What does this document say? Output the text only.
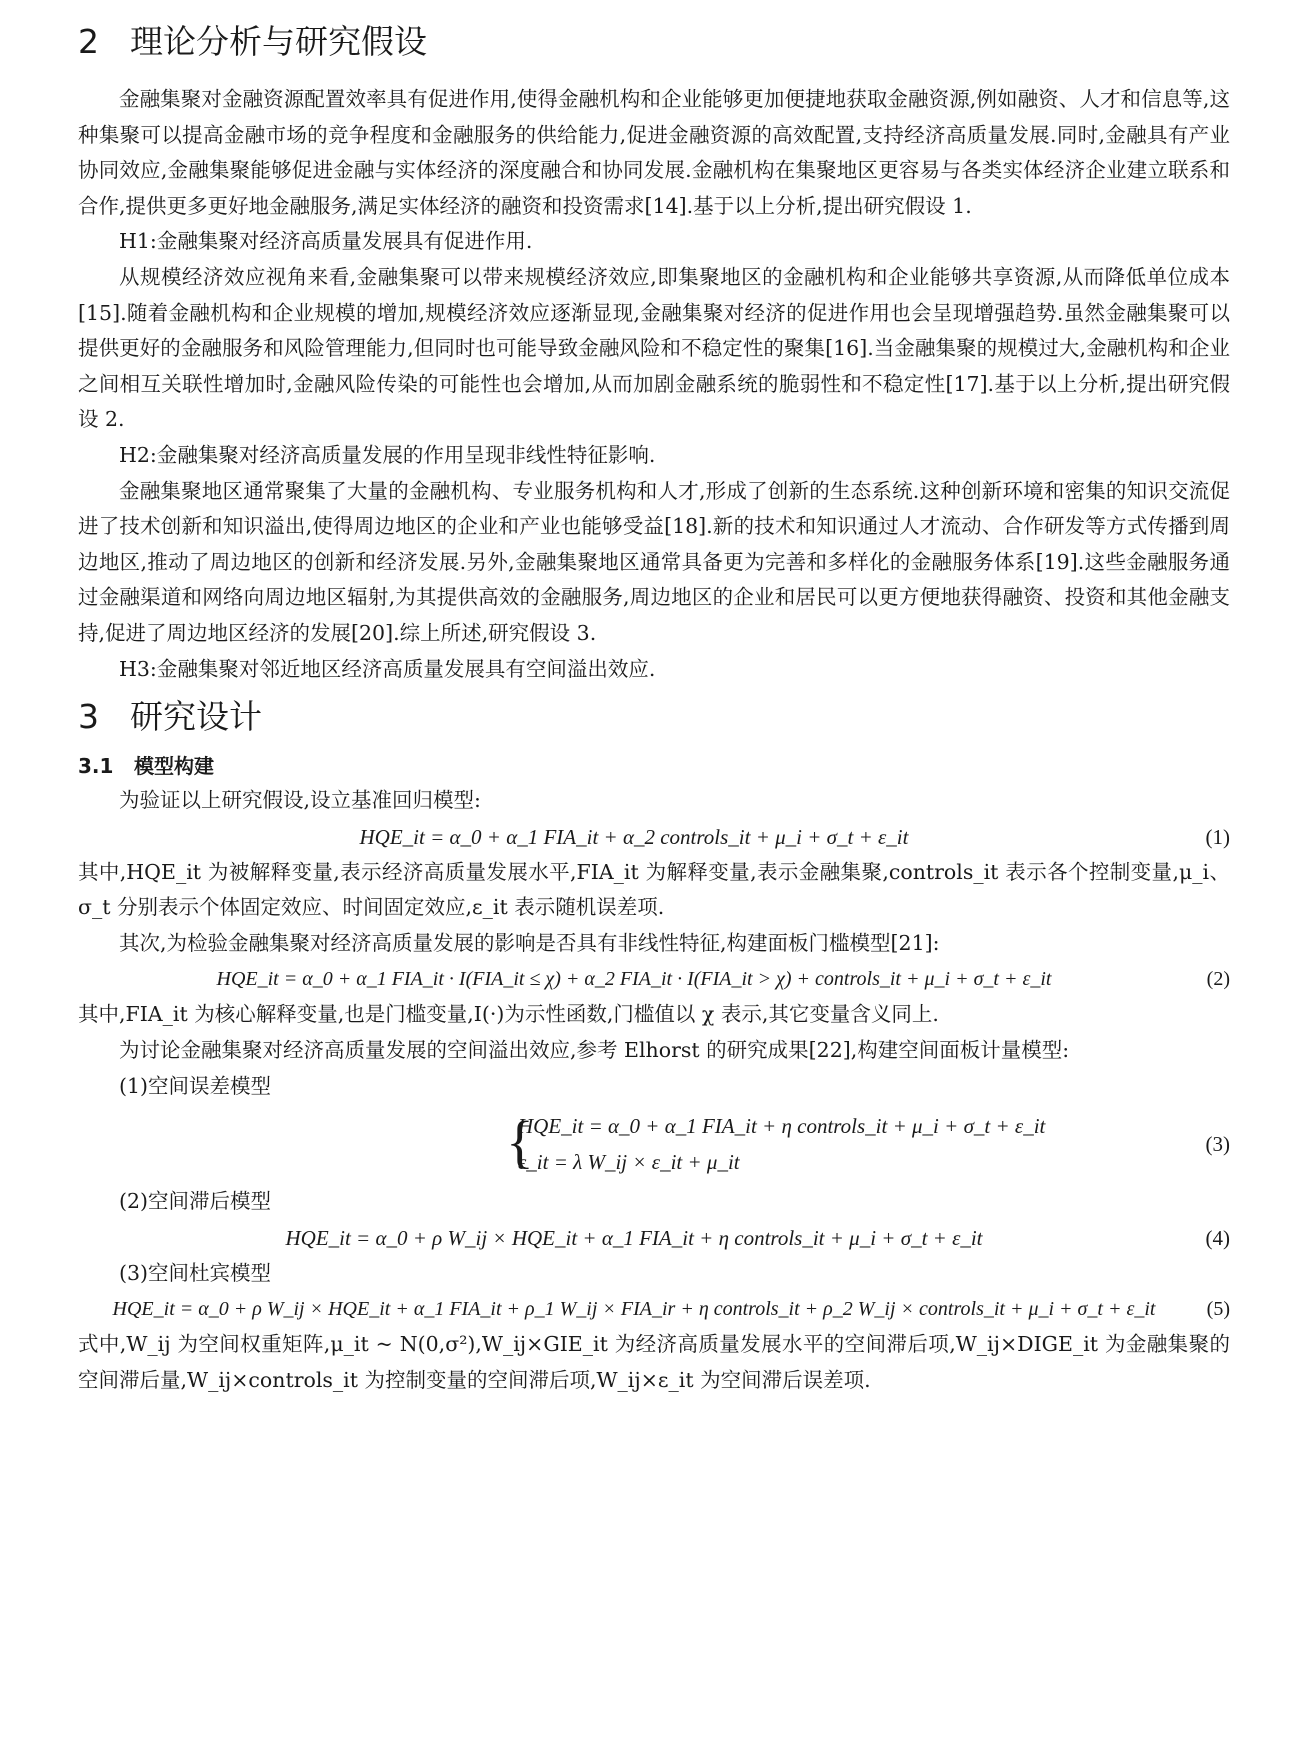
2 理论分析与研究假设

金融集聚对金融资源配置效率具有促进作用,使得金融机构和企业能够更加便捷地获取金融资源,例如融资、人才和信息等,这种集聚可以提高金融市场的竞争程度和金融服务的供给能力,促进金融资源的高效配置,支持经济高质量发展.同时,金融具有产业协同效应,金融集聚能够促进金融与实体经济的深度融合和协同发展.金融机构在集聚地区更容易与各类实体经济企业建立联系和合作,提供更多更好地金融服务,满足实体经济的融资和投资需求[14].基于以上分析,提出研究假设 1.

H1:金融集聚对经济高质量发展具有促进作用.

从规模经济效应视角来看,金融集聚可以带来规模经济效应,即集聚地区的金融机构和企业能够共享资源,从而降低单位成本[15].随着金融机构和企业规模的增加,规模经济效应逐渐显现,金融集聚对经济的促进作用也会呈现增强趋势.虽然金融集聚可以提供更好的金融服务和风险管理能力,但同时也可能导致金融风险和不稳定性的聚集[16].当金融集聚的规模过大,金融机构和企业之间相互关联性增加时,金融风险传染的可能性也会增加,从而加剧金融系统的脆弱性和不稳定性[17].基于以上分析,提出研究假设 2.

H2:金融集聚对经济高质量发展的作用呈现非线性特征影响.

金融集聚地区通常聚集了大量的金融机构、专业服务机构和人才,形成了创新的生态系统.这种创新环境和密集的知识交流促进了技术创新和知识溢出,使得周边地区的企业和产业也能够受益[18].新的技术和知识通过人才流动、合作研发等方式传播到周边地区,推动了周边地区的创新和经济发展.另外,金融集聚地区通常具备更为完善和多样化的金融服务体系[19].这些金融服务通过金融渠道和网络向周边地区辐射,为其提供高效的金融服务,周边地区的企业和居民可以更方便地获得融资、投资和其他金融支持,促进了周边地区经济的发展[20].综上所述,研究假设 3.

H3:金融集聚对邻近地区经济高质量发展具有空间溢出效应.

3 研究设计
3.1 模型构建

为验证以上研究假设,设立基准回归模型:

HQE_it = α_0 + α_1 FIA_it + α_2 controls_it + μ_i + σ_t + ε_it	(1)

其中,HQE_it 为被解释变量,表示经济高质量发展水平,FIA_it 为解释变量,表示金融集聚,controls_it 表示各个控制变量,μ_i、σ_t 分别表示个体固定效应、时间固定效应,ε_it 表示随机误差项.

其次,为检验金融集聚对经济高质量发展的影响是否具有非线性特征,构建面板门槛模型[21]:

HQE_it = α_0 + α_1 FIA_it · I(FIA_it ≤ χ) + α_2 FIA_it · I(FIA_it > χ) + controls_it + μ_i + σ_t + ε_it	(2)

其中,FIA_it 为核心解释变量,也是门槛变量,I(·)为示性函数,门槛值以 χ 表示,其它变量含义同上.

为讨论金融集聚对经济高质量发展的空间溢出效应,参考 Elhorst 的研究成果[22],构建空间面板计量模型:

(1)空间误差模型
{
HQE_it = α_0 + α_1 FIA_it + η controls_it + μ_i + σ_t + ε_it
ε_it = λ W_ij × ε_it + μ_it
(3)
(2)空间滞后模型
HQE_it = α_0 + ρ W_ij × HQE_it + α_1 FIA_it + η controls_it + μ_i + σ_t + ε_it	(4)
(3)空间杜宾模型
HQE_it = α_0 + ρ W_ij × HQE_it + α_1 FIA_it + ρ_1 W_ij × FIA_ir + η controls_it + ρ_2 W_ij × controls_it + μ_i + σ_t + ε_it	(5)

式中,W_ij 为空间权重矩阵,μ_it ~ N(0,σ²),W_ij×GIE_it 为经济高质量发展水平的空间滞后项,W_ij×DIGE_it 为金融集聚的空间滞后量,W_ij×controls_it 为控制变量的空间滞后项,W_ij×ε_it 为空间滞后误差项.
